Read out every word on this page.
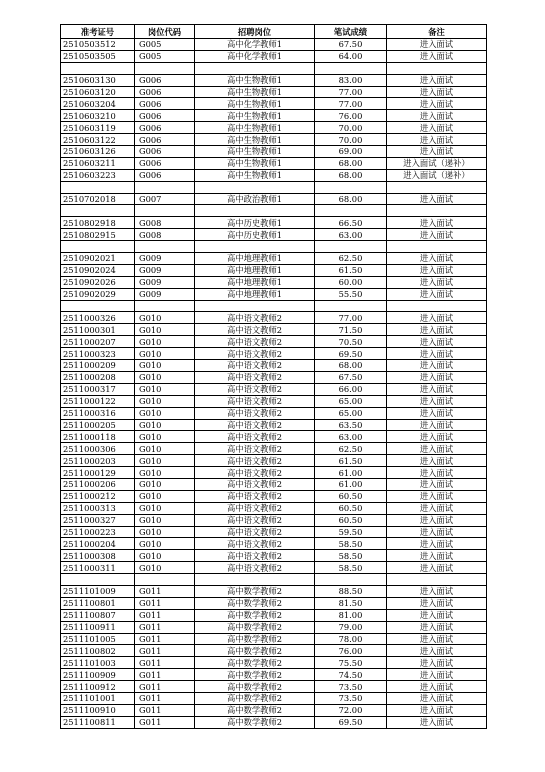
准考证号	岗位代码	招聘岗位	笔试成绩	备注
2510503512	G005	高中化学教师1	67.50	进入面试
2510503505	G005	高中化学教师1	64.00	进入面试

2510603130	G006	高中生物教师1	83.00	进入面试
2510603120	G006	高中生物教师1	77.00	进入面试
2510603204	G006	高中生物教师1	77.00	进入面试
2510603210	G006	高中生物教师1	76.00	进入面试
2510603119	G006	高中生物教师1	70.00	进入面试
2510603122	G006	高中生物教师1	70.00	进入面试
2510603126	G006	高中生物教师1	69.00	进入面试
2510603211	G006	高中生物教师1	68.00	进入面试（递补）
2510603223	G006	高中生物教师1	68.00	进入面试（递补）

2510702018	G007	高中政治教师1	68.00	进入面试

2510802918	G008	高中历史教师1	66.50	进入面试
2510802915	G008	高中历史教师1	63.00	进入面试

2510902021	G009	高中地理教师1	62.50	进入面试
2510902024	G009	高中地理教师1	61.50	进入面试
2510902026	G009	高中地理教师1	60.00	进入面试
2510902029	G009	高中地理教师1	55.50	进入面试

2511000326	G010	高中语文教师2	77.00	进入面试
2511000301	G010	高中语文教师2	71.50	进入面试
2511000207	G010	高中语文教师2	70.50	进入面试
2511000323	G010	高中语文教师2	69.50	进入面试
2511000209	G010	高中语文教师2	68.00	进入面试
2511000208	G010	高中语文教师2	67.50	进入面试
2511000317	G010	高中语文教师2	66.00	进入面试
2511000122	G010	高中语文教师2	65.00	进入面试
2511000316	G010	高中语文教师2	65.00	进入面试
2511000205	G010	高中语文教师2	63.50	进入面试
2511000118	G010	高中语文教师2	63.00	进入面试
2511000306	G010	高中语文教师2	62.50	进入面试
2511000203	G010	高中语文教师2	61.50	进入面试
2511000129	G010	高中语文教师2	61.00	进入面试
2511000206	G010	高中语文教师2	61.00	进入面试
2511000212	G010	高中语文教师2	60.50	进入面试
2511000313	G010	高中语文教师2	60.50	进入面试
2511000327	G010	高中语文教师2	60.50	进入面试
2511000223	G010	高中语文教师2	59.50	进入面试
2511000204	G010	高中语文教师2	58.50	进入面试
2511000308	G010	高中语文教师2	58.50	进入面试
2511000311	G010	高中语文教师2	58.50	进入面试

2511101009	G011	高中数学教师2	88.50	进入面试
2511100801	G011	高中数学教师2	81.50	进入面试
2511100807	G011	高中数学教师2	81.00	进入面试
2511100911	G011	高中数学教师2	79.00	进入面试
2511101005	G011	高中数学教师2	78.00	进入面试
2511100802	G011	高中数学教师2	76.00	进入面试
2511101003	G011	高中数学教师2	75.50	进入面试
2511100909	G011	高中数学教师2	74.50	进入面试
2511100912	G011	高中数学教师2	73.50	进入面试
2511101001	G011	高中数学教师2	73.50	进入面试
2511100910	G011	高中数学教师2	72.00	进入面试
2511100811	G011	高中数学教师2	69.50	进入面试
